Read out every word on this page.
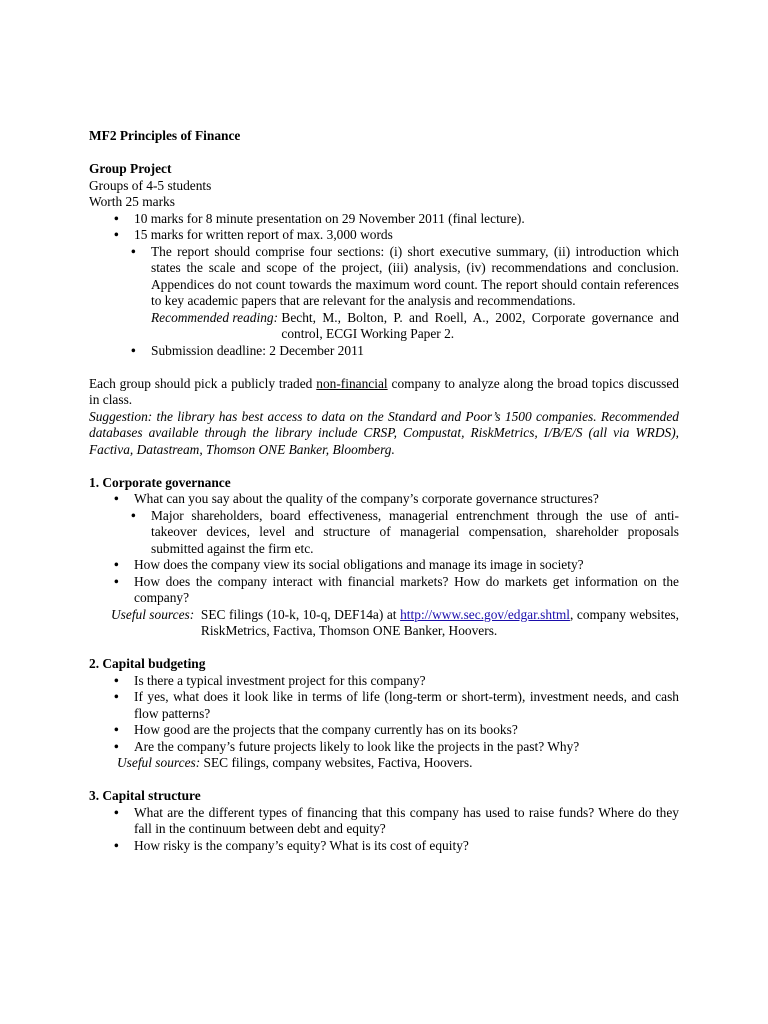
MF2 Principles of Finance

Group Project

Groups of 4-5 students

Worth 25 marks

• 10 marks for 8 minute presentation on 29 November 2011 (final lecture).
• 15 marks for written report of max. 3,000 words
• The report should comprise four sections: (i) short executive summary, (ii) introduction which states the scale and scope of the project, (iii) analysis, (iv) recommendations and conclusion. Appendices do not count towards the maximum word count. The report should contain references to key academic papers that are relevant for the analysis and recommendations.
Recommended reading: Becht, M., Bolton, P. and Roell, A., 2002, Corporate governance and control, ECGI Working Paper 2.
• Submission deadline: 2 December 2011

Each group should pick a publicly traded non-financial company to analyze along the broad topics discussed in class.

Suggestion: the library has best access to data on the Standard and Poor’s 1500 companies. Recommended databases available through the library include CRSP, Compustat, RiskMetrics, I/B/E/S (all via WRDS), Factiva, Datastream, Thomson ONE Banker, Bloomberg.

1. Corporate governance

• What can you say about the quality of the company’s corporate governance structures?
• Major shareholders, board effectiveness, managerial entrenchment through the use of anti-takeover devices, level and structure of managerial compensation, shareholder proposals submitted against the firm etc.
• How does the company view its social obligations and manage its image in society?
• How does the company interact with financial markets? How do markets get information on the company?
Useful sources: SEC filings (10-k, 10-q, DEF14a) at http://www.sec.gov/edgar.shtml, company websites, RiskMetrics, Factiva, Thomson ONE Banker, Hoovers.

2. Capital budgeting

• Is there a typical investment project for this company?
• If yes, what does it look like in terms of life (long-term or short-term), investment needs, and cash flow patterns?
• How good are the projects that the company currently has on its books?
• Are the company’s future projects likely to look like the projects in the past? Why?

Useful sources: SEC filings, company websites, Factiva, Hoovers.

3. Capital structure

• What are the different types of financing that this company has used to raise funds? Where do they fall in the continuum between debt and equity?
• How risky is the company’s equity? What is its cost of equity?
